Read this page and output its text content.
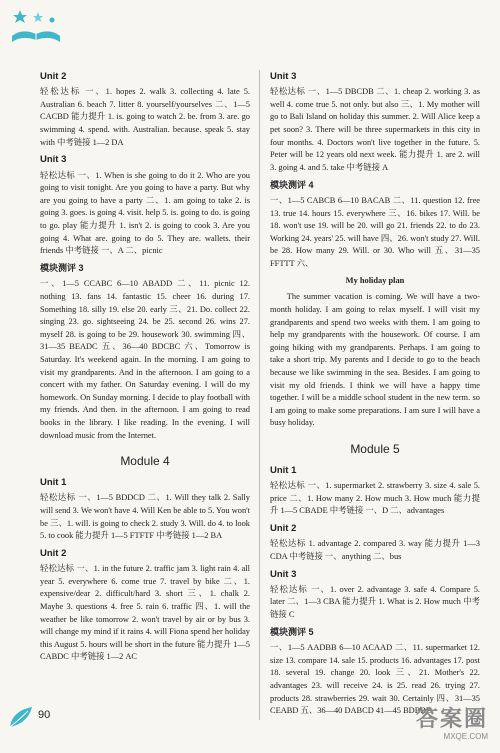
Unit 2

轻松达标 一、1. hopes 2. walk 3. collecting 4. late 5. Australian 6. beach 7. litter 8. yourself/yourselves 二、1—5 CACBD 能力提升 1. is. going to watch 2. be. from 3. are. go swimming 4. spend. with. Australian. because. speak 5. stay with 中考链接 1—2 DA

Unit 3

轻松达标 一、1. When is she going to do it 2. Who are you going to visit tonight. Are you going to have a party. But why are you going to have a party 二、1. am going to take 2. is going 3. goes. is going 4. visit. help 5. is. going to do. is going to go. play 能力提升 1. isn't 2. is going to cook 3. Are you going 4. What are. going to do 5. They are. wallets. their friends 中考链接 一、A 二、picnic

模块测评 3

一、1—5 CCABC 6—10 ABADD 二、11. picnic 12. nothing 13. fans 14. fantastic 15. cheer 16. during 17. Something 18. silly 19. else 20. early 三、21. Do. collect 22. singing 23. go. sightseeing 24. be 25. second 26. wins 27. myself 28. is going to be 29. housework 30. swimming 四、31—35 BEADC 五、36—40 BDCBC 六、Tomorrow is Saturday. It's weekend again. In the morning. I am going to visit my grandparents. And in the afternoon. I am going to a concert with my father. On Saturday evening. I will do my homework. On Sunday morning. I decide to play football with my friends. And then. in the afternoon. I am going to read books in the library. I like reading. In the evening. I will download music from the Internet.

Module 4
Unit 1

轻松达标 一、1—5 BDDCD 二、1. Will they talk 2. Sally will send 3. We won't have 4. Will Ken be able to 5. You won't be 三、1. will. is going to check 2. study 3. Will. do 4. to look 5. to cook 能力提升 1—5 FTFTF 中考链接 1—2 BA

Unit 2

轻松达标 一、1. in the future 2. traffic jam 3. light rain 4. all year 5. everywhere 6. come true 7. travel by bike 二、1. expensive/dear 2. difficult/hard 3. short 三、1. chalk 2. Maybe 3. questions 4. free 5. rain 6. traffic 四、1. will the weather be like tomorrow 2. won't travel by air or by bus 3. will change my mind if it rains 4. will Fiona spend her holiday this August 5. hours will be short in the future 能力提升 1—5 CABDC 中考链接 1—2 AC

Unit 3

轻松达标 一、1—5 DBCDB 二、1. cheap 2. working 3. as well 4. come true 5. not only. but also 三、1. My mother will go to Bali Island on holiday this summer. 2. Will Alice keep a pet soon? 3. There will be three supermarkets in this city in four months. 4. Doctors won't live together in the future. 5. Peter will be 12 years old next week. 能力提升 1. are 2. will 3. going 4. and 5. take 中考链接 A

模块测评 4

一、1—5 CABCB 6—10 BACAB 二、11. question 12. free 13. true 14. hours 15. everywhere 三、16. bikes 17. Will. be 18. won't use 19. will be 20. will go 21. friends 22. to do 23. Working 24. years' 25. will have 四、26. won't study 27. Will. be 28. How many 29. Will. or 30. Who will 五、31—35 FFTTT 六、

My holiday plan

The summer vacation is coming. We will have a two-month holiday. I am going to relax myself. I will visit my grandparents and spend two weeks with them. I am going to help my grandparents with the housework. Of course. I am going hiking with my grandparents. Perhaps. I am going to take a short trip. My parents and I decide to go to the beach because we like swimming in the sea. Besides. I am going to visit my old friends. I think we will have a happy time together. I will be a middle school student in the new term. so I am going to make some preparations. I am sure I will have a busy holiday.

Module 5
Unit 1

轻松达标 一、1. supermarket 2. strawberry 3. size 4. sale 5. price 二、1. How many 2. How much 3. How much 能力提升 1—5 CBADE 中考链接 一、D 二、advantages

Unit 2

轻松达标 1. advantage 2. compared 3. way 能力提升 1—3 CDA 中考链接 一、anything 二、bus

Unit 3

轻松达标 一、1. over 2. advantage 3. safe 4. Compare 5. later 二、1—3 CBA 能力提升 1. What is 2. How much 中考链接 C

模块测评 5

一、1—5 AADBB 6—10 ACAAD 二、11. supermarket 12. size 13. compare 14. sale 15. products 16. advantages 17. post 18. several 19. change 20. look 三、21. Mother's 22. advantages 23. will receive 24. is 25. read 26. trying 27. products 28. strawberries 29. wait 30. Certainly 四、31—35 CEABD 五、36—40 DABCD 41—45 BDBBD

90	答案圈
MXQE.COM
